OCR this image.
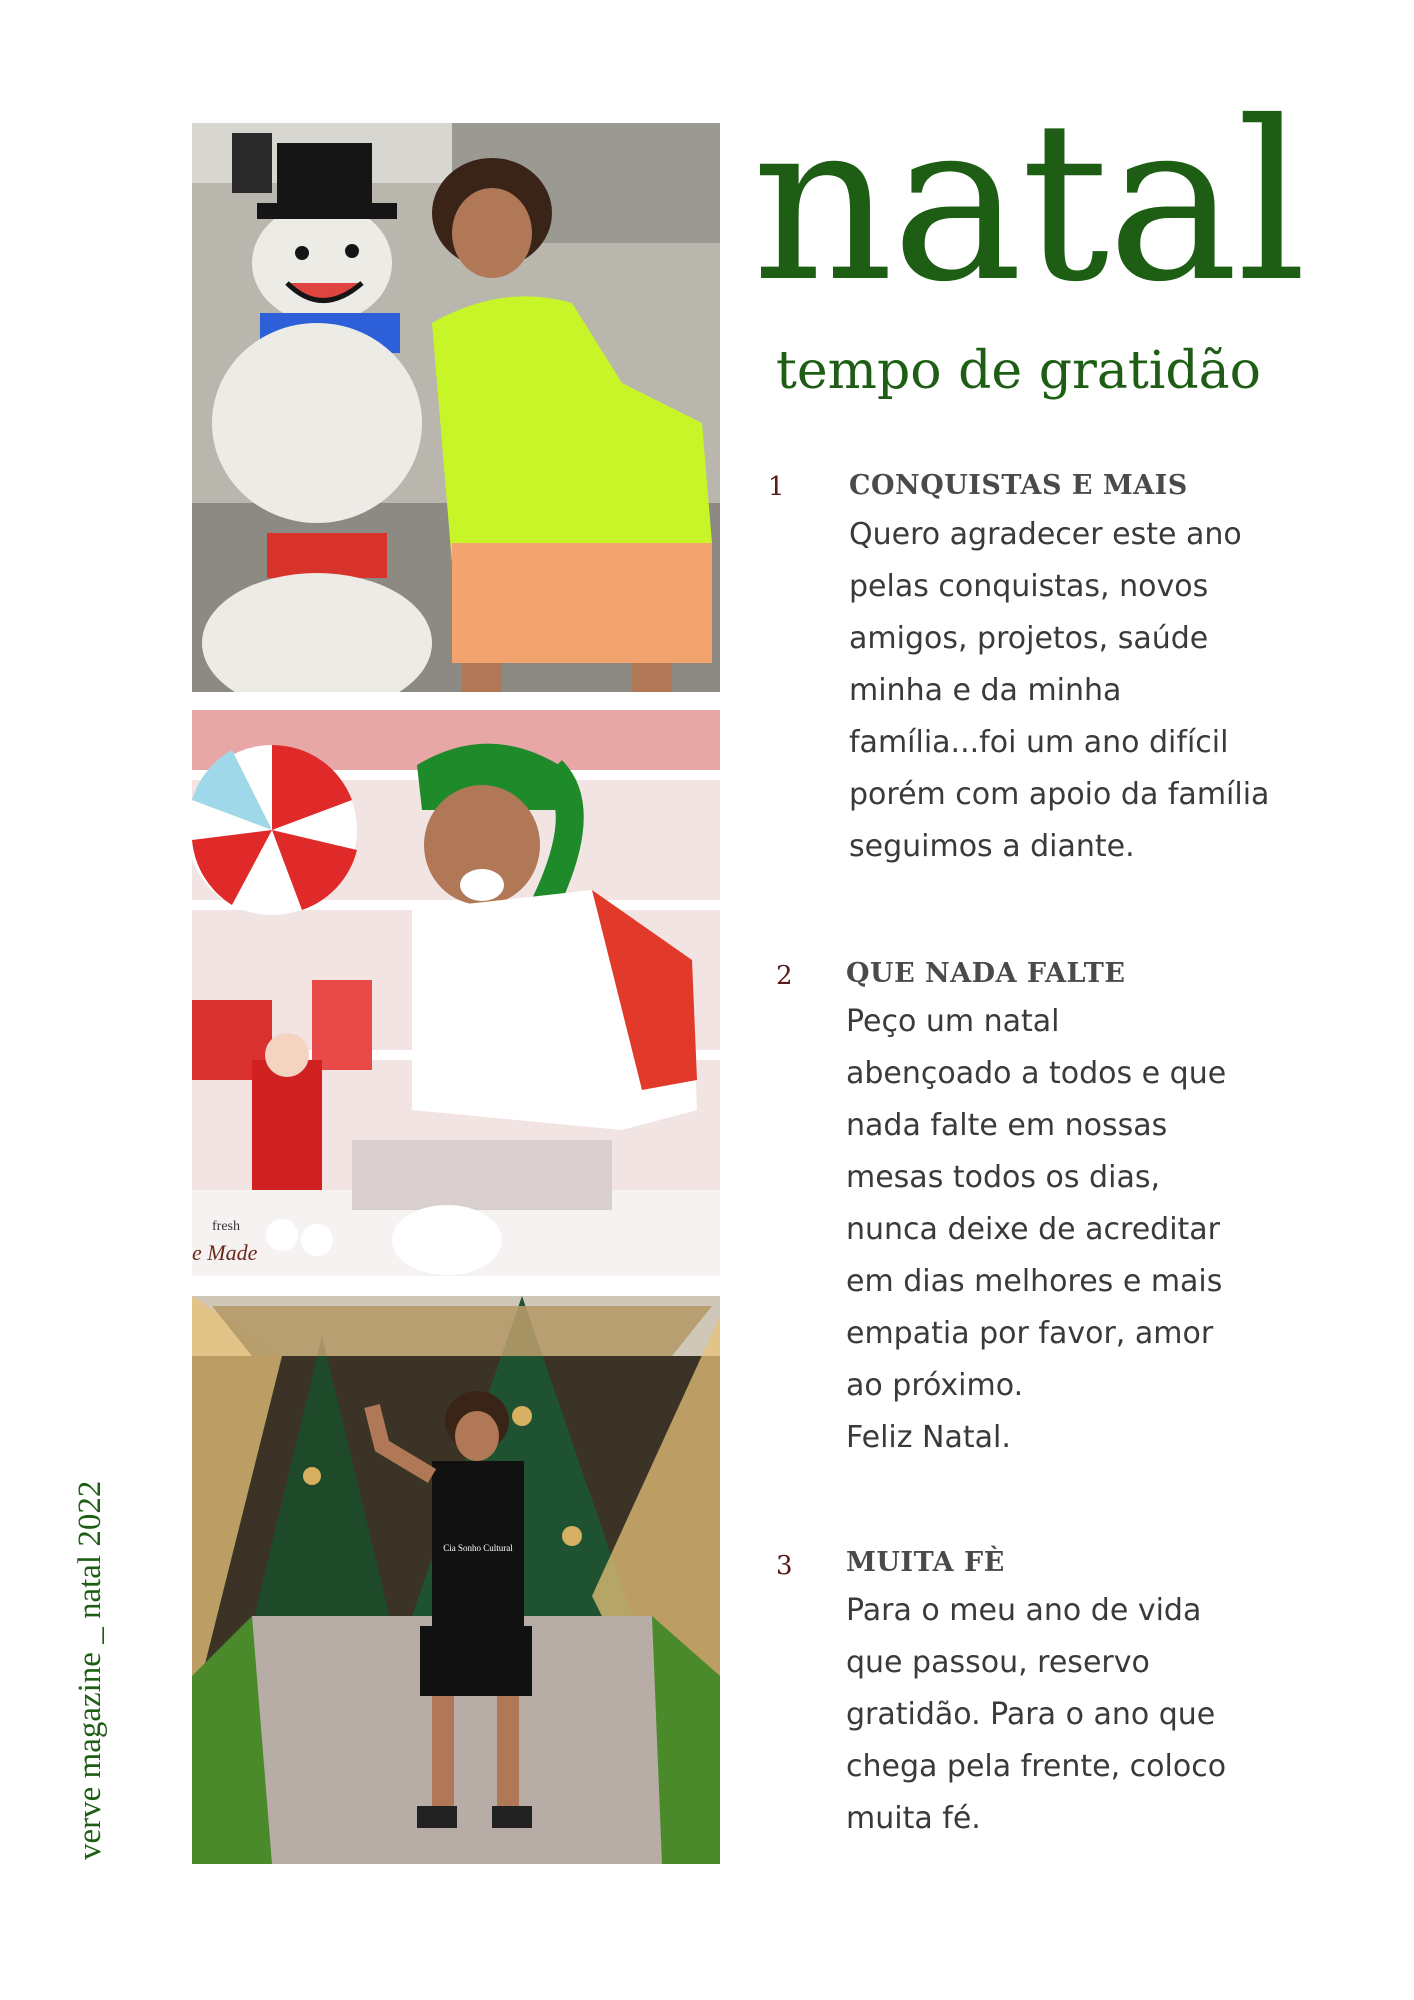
fresh
e Made
Cia Sonho Cultural
natal
tempo de gratidão
1	CONQUISTAS E MAIS
Quero agradecer este ano
pelas conquistas, novos
amigos, projetos, saúde
minha e da minha
família...foi um ano difícil
porém com apoio da família
seguimos a diante.
2	QUE NADA FALTE
Peço um natal
abençoado a todos e que
nada falte em nossas
mesas todos os dias,
nunca deixe de acreditar
em dias melhores e mais
empatia por favor, amor
ao próximo.
Feliz Natal.
3	MUITA FÈ
Para o meu ano de vida
que passou, reservo
gratidão. Para o ano que
chega pela frente, coloco
muita fé.
verve magazine _ natal 2022
